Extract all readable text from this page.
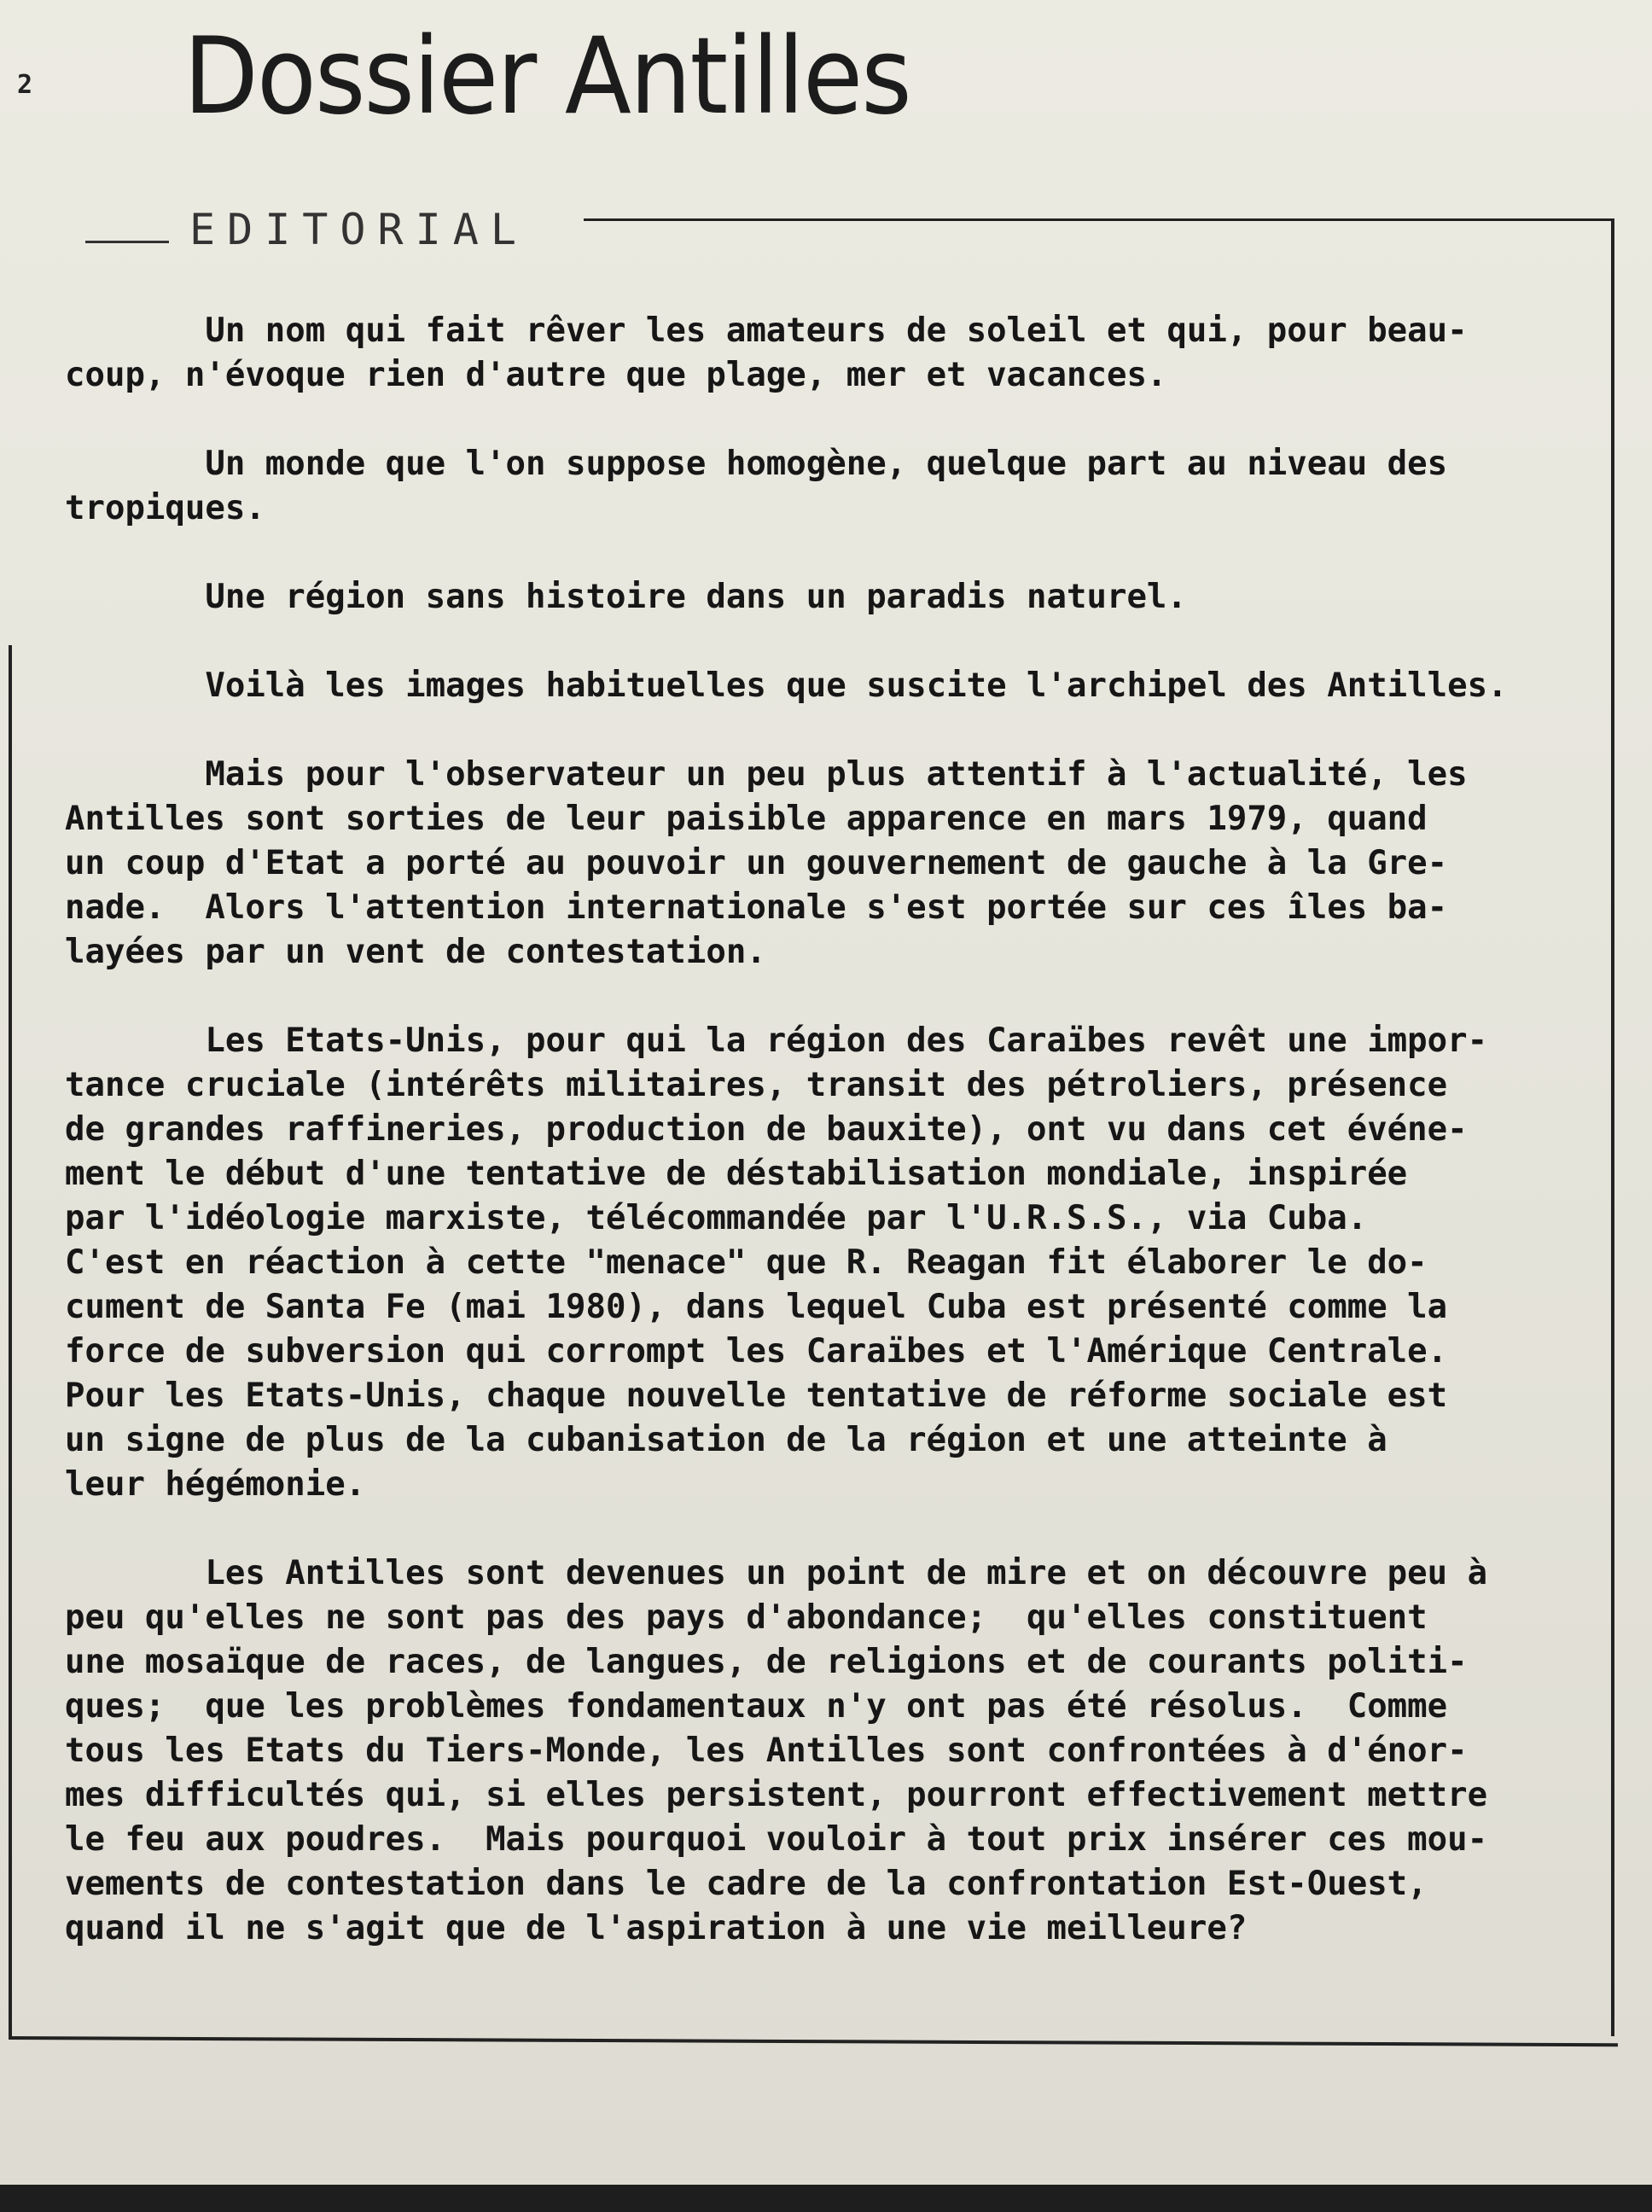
2 Dossier Antilles
EDITORIAL

Un nom qui fait rêver les amateurs de soleil et qui, pour beau-
coup, n'évoque rien d'autre que plage, mer et vacances.

Un monde que l'on suppose homogène, quelque part au niveau des
tropiques.

Une région sans histoire dans un paradis naturel.

Voilà les images habituelles que suscite l'archipel des Antilles.

Mais pour l'observateur un peu plus attentif à l'actualité, les
Antilles sont sorties de leur paisible apparence en mars 1979, quand
un coup d'Etat a porté au pouvoir un gouvernement de gauche à la Gre-
nade.  Alors l'attention internationale s'est portée sur ces îles ba-
layées par un vent de contestation.

Les Etats-Unis, pour qui la région des Caraïbes revêt une impor-
tance cruciale (intérêts militaires, transit des pétroliers, présence
de grandes raffineries, production de bauxite), ont vu dans cet événe-
ment le début d'une tentative de déstabilisation mondiale, inspirée
par l'idéologie marxiste, télécommandée par l'U.R.S.S., via Cuba.
C'est en réaction à cette "menace" que R. Reagan fit élaborer le do-
cument de Santa Fe (mai 1980), dans lequel Cuba est présenté comme la
force de subversion qui corrompt les Caraïbes et l'Amérique Centrale.
Pour les Etats-Unis, chaque nouvelle tentative de réforme sociale est
un signe de plus de la cubanisation de la région et une atteinte à
leur hégémonie.

Les Antilles sont devenues un point de mire et on découvre peu à
peu qu'elles ne sont pas des pays d'abondance;  qu'elles constituent
une mosaïque de races, de langues, de religions et de courants politi-
ques;  que les problèmes fondamentaux n'y ont pas été résolus.  Comme
tous les Etats du Tiers-Monde, les Antilles sont confrontées à d'énor-
mes difficultés qui, si elles persistent, pourront effectivement mettre
le feu aux poudres.  Mais pourquoi vouloir à tout prix insérer ces mou-
vements de contestation dans le cadre de la confrontation Est-Ouest,
quand il ne s'agit que de l'aspiration à une vie meilleure?
